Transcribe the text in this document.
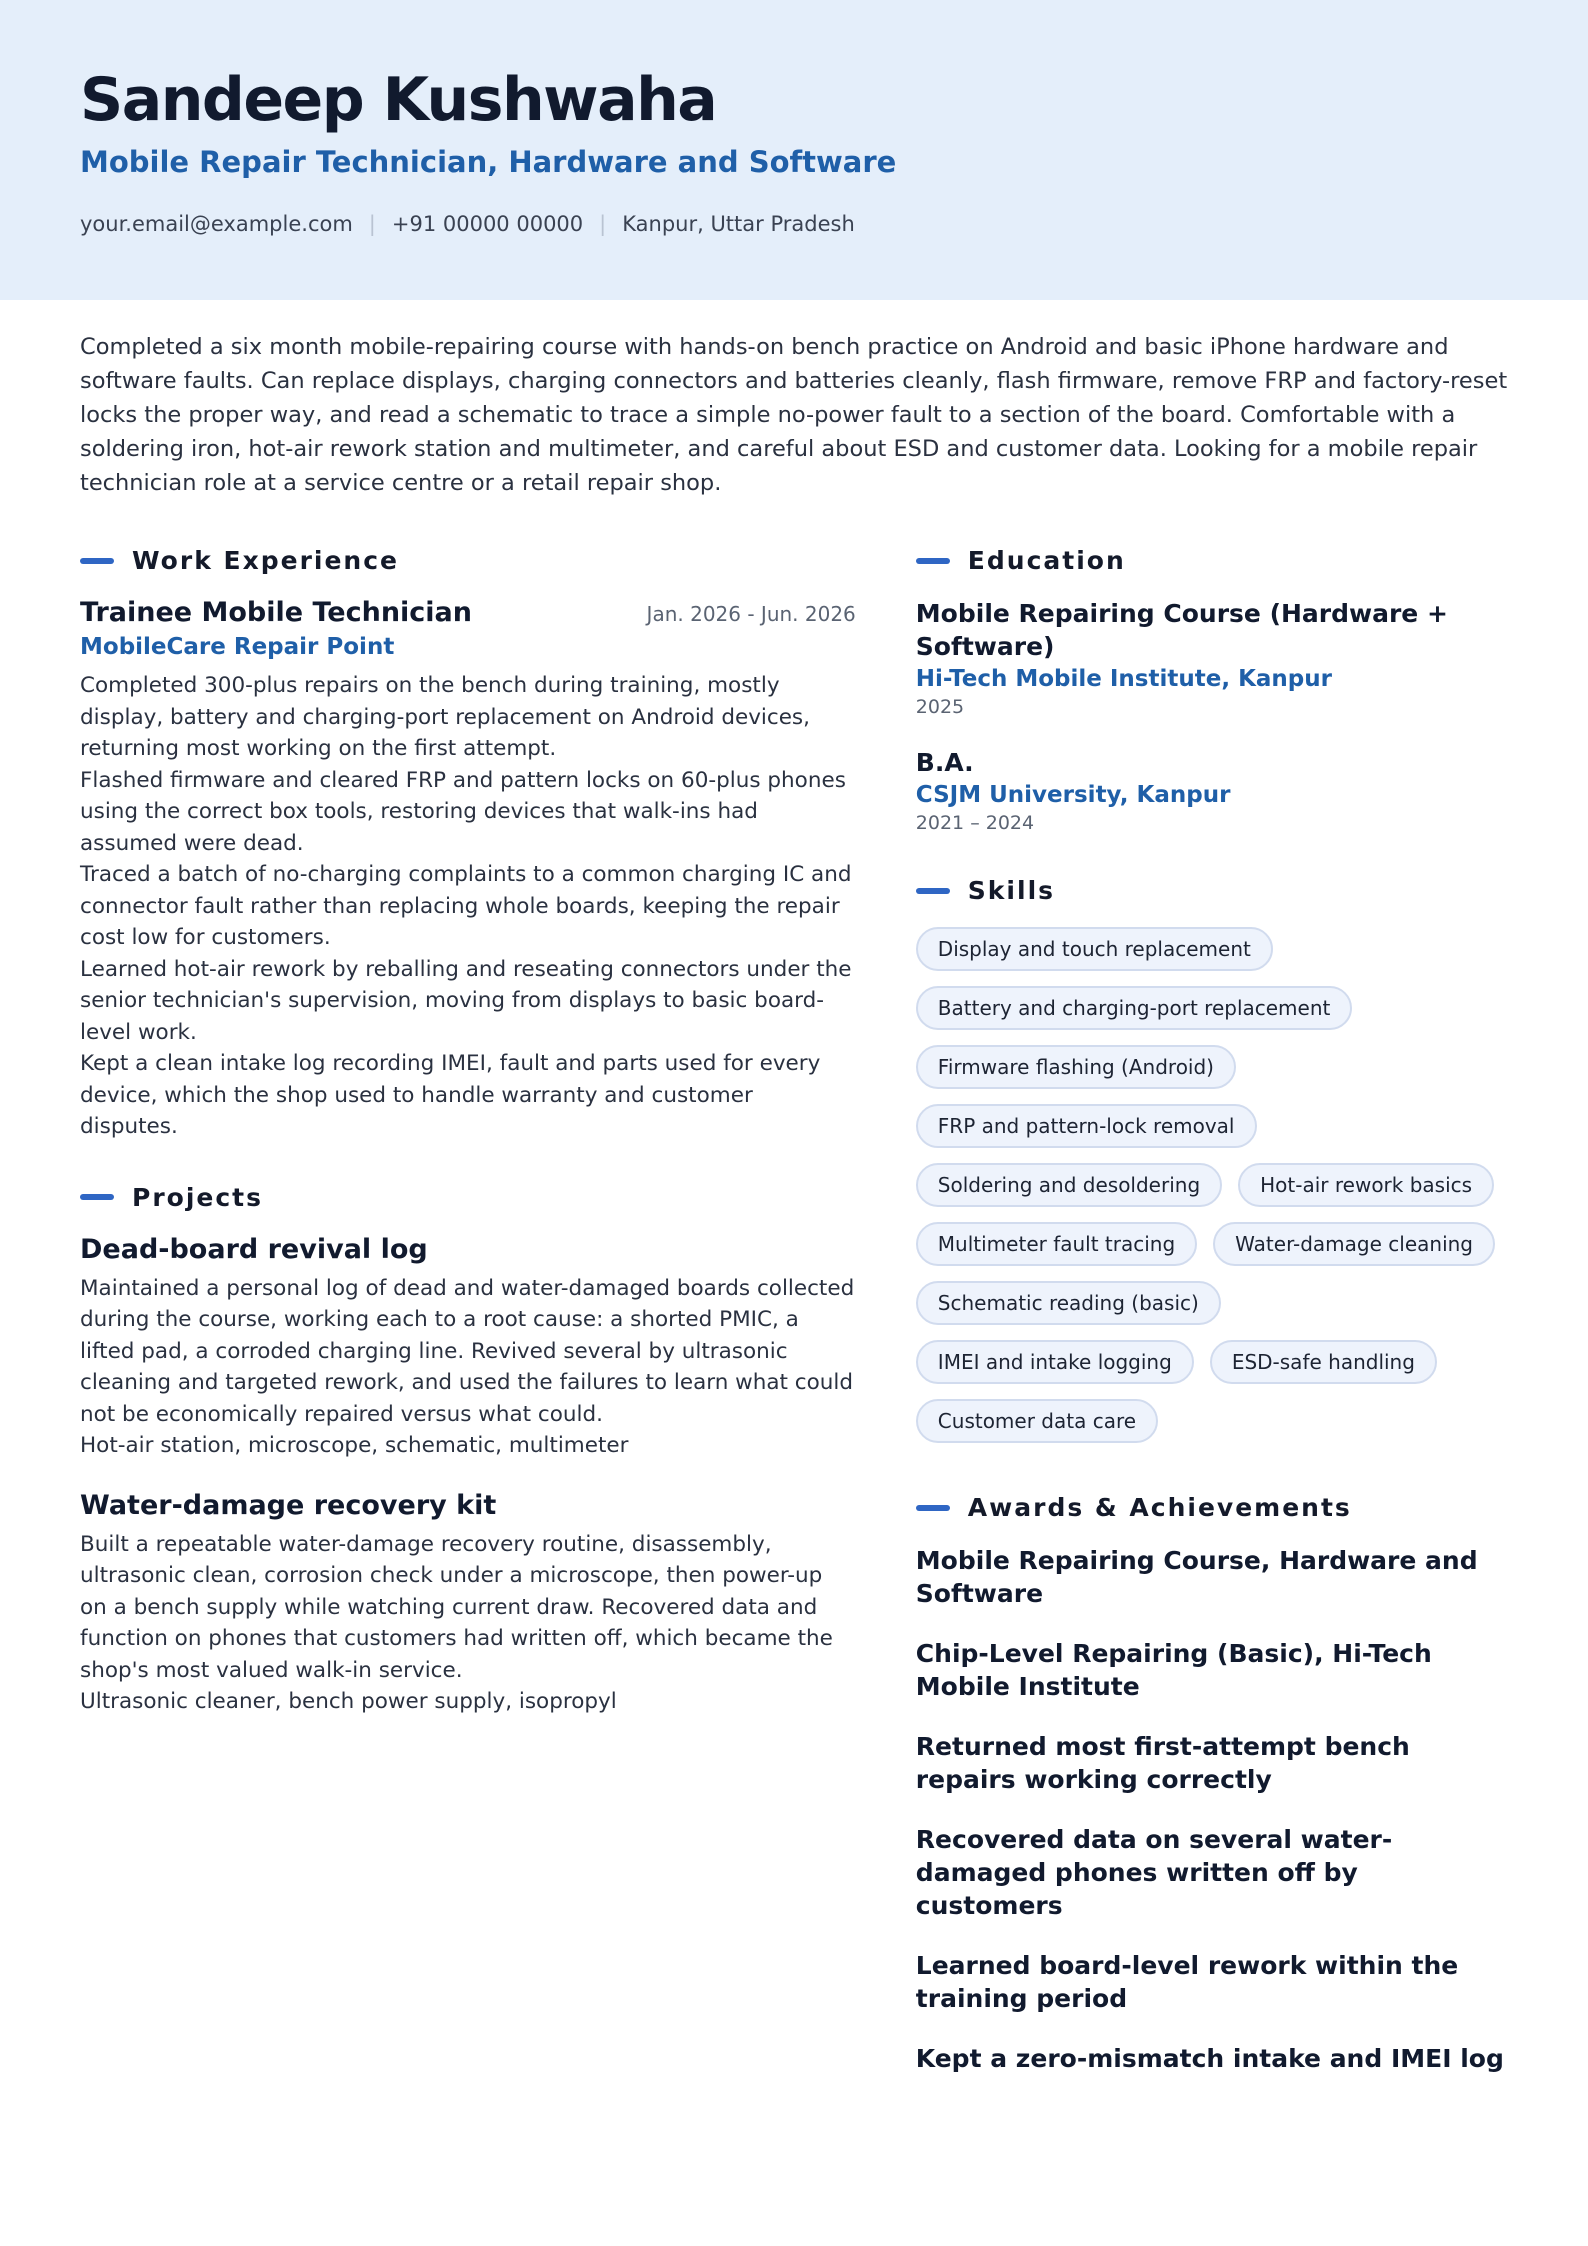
Sandeep Kushwaha
Mobile Repair Technician, Hardware and Software
your.email@example.com | +91 00000 00000 | Kanpur, Uttar Pradesh
Completed a six month mobile-repairing course with hands-on bench practice on Android and basic iPhone hardware and software faults. Can replace displays, charging connectors and batteries cleanly, flash firmware, remove FRP and factory-reset locks the proper way, and read a schematic to trace a simple no-power fault to a section of the board. Comfortable with a soldering iron, hot-air rework station and multimeter, and careful about ESD and customer data. Looking for a mobile repair technician role at a service centre or a retail repair shop.
Work Experience
Trainee Mobile Technician	Jan. 2026 - Jun. 2026
MobileCare Repair Point
Completed 300-plus repairs on the bench during training, mostly display, battery and charging-port replacement on Android devices, returning most working on the first attempt.
Flashed firmware and cleared FRP and pattern locks on 60-plus phones using the correct box tools, restoring devices that walk-ins had assumed were dead.
Traced a batch of no-charging complaints to a common charging IC and connector fault rather than replacing whole boards, keeping the repair cost low for customers.
Learned hot-air rework by reballing and reseating connectors under the senior technician's supervision, moving from displays to basic board-level work.
Kept a clean intake log recording IMEI, fault and parts used for every device, which the shop used to handle warranty and customer disputes.
Projects
Dead-board revival log
Maintained a personal log of dead and water-damaged boards collected during the course, working each to a root cause: a shorted PMIC, a lifted pad, a corroded charging line. Revived several by ultrasonic cleaning and targeted rework, and used the failures to learn what could not be economically repaired versus what could.
Hot-air station, microscope, schematic, multimeter
Water-damage recovery kit
Built a repeatable water-damage recovery routine, disassembly, ultrasonic clean, corrosion check under a microscope, then power-up on a bench supply while watching current draw. Recovered data and function on phones that customers had written off, which became the shop's most valued walk-in service.
Ultrasonic cleaner, bench power supply, isopropyl
Education
Mobile Repairing Course (Hardware + Software)
Hi-Tech Mobile Institute, Kanpur
2025
B.A.
CSJM University, Kanpur
2021 – 2024
Skills
Display and touch replacement
Battery and charging-port replacement
Firmware flashing (Android)
FRP and pattern-lock removal
Soldering and desoldering	Hot-air rework basics
Multimeter fault tracing	Water-damage cleaning
Schematic reading (basic)
IMEI and intake logging	ESD-safe handling
Customer data care
Awards & Achievements
Mobile Repairing Course, Hardware and Software
Chip-Level Repairing (Basic), Hi-Tech Mobile Institute
Returned most first-attempt bench repairs working correctly
Recovered data on several water-damaged phones written off by customers
Learned board-level rework within the training period
Kept a zero-mismatch intake and IMEI log
